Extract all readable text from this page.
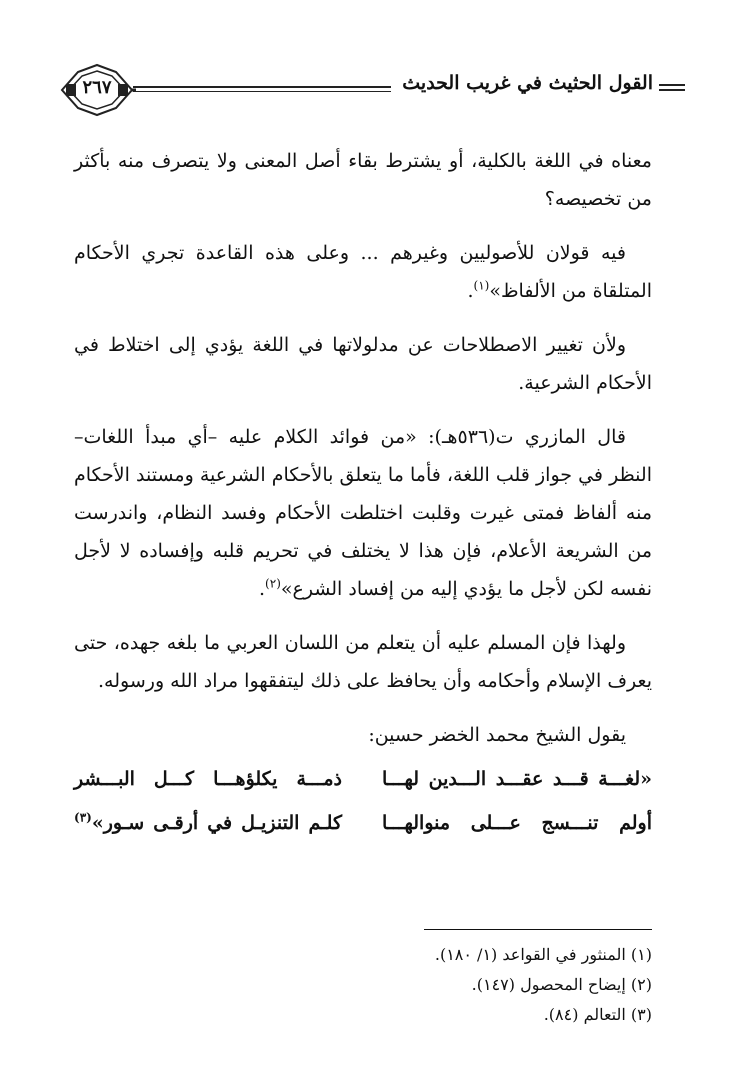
٢٦٧	القول الحثيث في غريب الحديث

معناه في اللغة بالكلية، أو يشترط بقاء أصل المعنى ولا يتصرف منه بأكثر من تخصيصه؟

فيه قولان للأصوليين وغيرهم ... وعلى هذه القاعدة تجري الأحكام المتلقاة من الألفاظ»$^{(١)}$.

ولأن تغيير الاصطلاحات عن مدلولاتها في اللغة يؤدي إلى اختلاط في الأحكام الشرعية.

قال المازري ت(٥٣٦هـ): «من فوائد الكلام عليه –أي مبدأ اللغات– النظر في جواز قلب اللغة، فأما ما يتعلق بالأحكام الشرعية ومستند الأحكام منه ألفاظ فمتى غيرت وقلبت اختلطت الأحكام وفسد النظام، واندرست من الشريعة الأعلام، فإن هذا لا يختلف في تحريم قلبه وإفساده لا لأجل نفسه لكن لأجل ما يؤدي إليه من إفساد الشرع»$^{(٢)}$.

ولهذا فإن المسلم عليه أن يتعلم من اللسان العربي ما بلغه جهده، حتى يعرف الإسلام وأحكامه وأن يحافظ على ذلك ليتفقهوا مراد الله ورسوله.

يقول الشيخ محمد الخضر حسين:

«لغـــة قـــد عقـــد الـــدين لهـــا
ذمـــة يكلؤهـــا كـــل البـــشر
أولم تنـــسج عـــلى منوالهـــا
كلـم التنزيـل في أرقـى سـور»$^{(٣)}$

(١) المنثور في القواعد (١/ ١٨٠).

(٢) إيضاح المحصول (١٤٧).

(٣) التعالم (٨٤).
